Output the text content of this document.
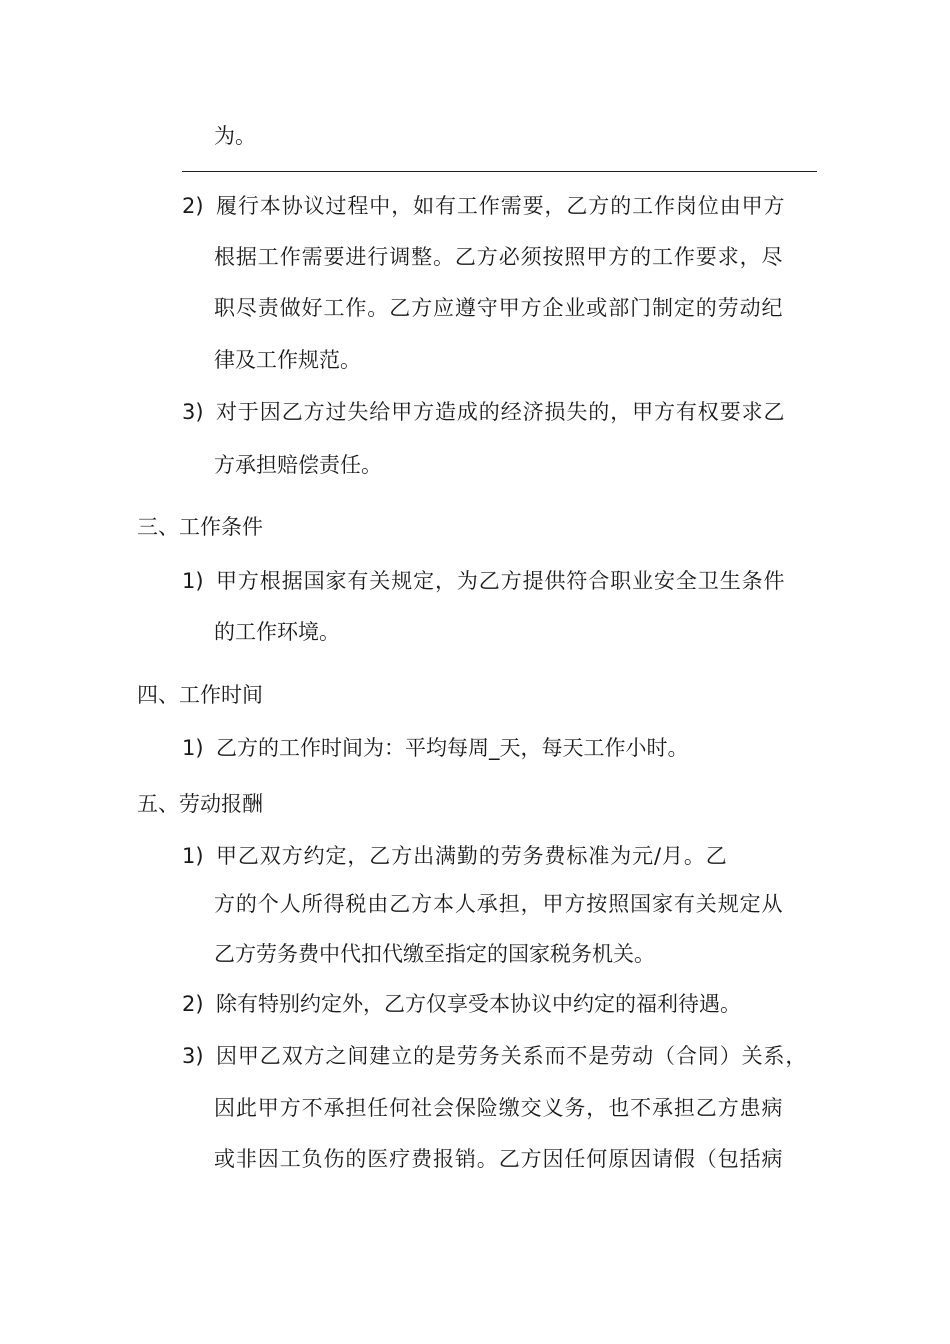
为。
2) 履行本协议过程中，如有工作需要，乙方的工作岗位由甲方
根据工作需要进行调整。乙方必须按照甲方的工作要求，尽
职尽责做好工作。乙方应遵守甲方企业或部门制定的劳动纪
律及工作规范。
3) 对于因乙方过失给甲方造成的经济损失的，甲方有权要求乙
方承担赔偿责任。
三、工作条件
1) 甲方根据国家有关规定，为乙方提供符合职业安全卫生条件
的工作环境。
四、工作时间
1) 乙方的工作时间为：平均每周_天，每天工作小时。
五、劳动报酬
1) 甲乙双方约定，乙方出满勤的劳务费标准为元/月。乙
方的个人所得税由乙方本人承担，甲方按照国家有关规定从
乙方劳务费中代扣代缴至指定的国家税务机关。
2) 除有特别约定外，乙方仅享受本协议中约定的福利待遇。
3) 因甲乙双方之间建立的是劳务关系而不是劳动（合同）关系，
因此甲方不承担任何社会保险缴交义务，也不承担乙方患病
或非因工负伤的医疗费报销。乙方因任何原因请假（包括病
